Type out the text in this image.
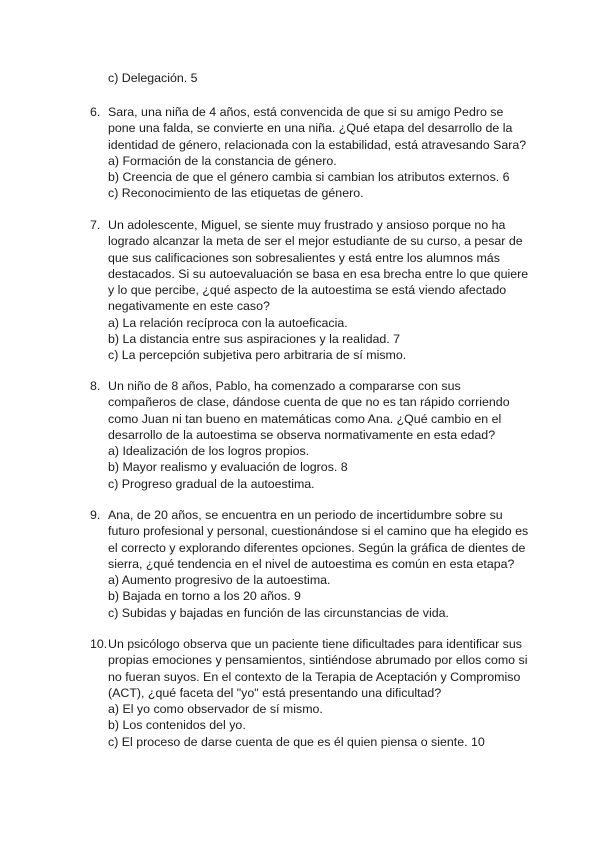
c) Delegación. 5
6. Sara, una niña de 4 años, está convencida de que si su amigo Pedro se pone una falda, se convierte en una niña. ¿Qué etapa del desarrollo de la identidad de género, relacionada con la estabilidad, está atravesando Sara?
a) Formación de la constancia de género.
b) Creencia de que el género cambia si cambian los atributos externos. 6
c) Reconocimiento de las etiquetas de género.
7. Un adolescente, Miguel, se siente muy frustrado y ansioso porque no ha logrado alcanzar la meta de ser el mejor estudiante de su curso, a pesar de que sus calificaciones son sobresalientes y está entre los alumnos más destacados. Si su autoevaluación se basa en esa brecha entre lo que quiere y lo que percibe, ¿qué aspecto de la autoestima se está viendo afectado negativamente en este caso?
a) La relación recíproca con la autoeficacia.
b) La distancia entre sus aspiraciones y la realidad. 7
c) La percepción subjetiva pero arbitraria de sí mismo.
8. Un niño de 8 años, Pablo, ha comenzado a compararse con sus compañeros de clase, dándose cuenta de que no es tan rápido corriendo como Juan ni tan bueno en matemáticas como Ana. ¿Qué cambio en el desarrollo de la autoestima se observa normativamente en esta edad?
a) Idealización de los logros propios.
b) Mayor realismo y evaluación de logros. 8
c) Progreso gradual de la autoestima.
9. Ana, de 20 años, se encuentra en un periodo de incertidumbre sobre su futuro profesional y personal, cuestionándose si el camino que ha elegido es el correcto y explorando diferentes opciones. Según la gráfica de dientes de sierra, ¿qué tendencia en el nivel de autoestima es común en esta etapa?
a) Aumento progresivo de la autoestima.
b) Bajada en torno a los 20 años. 9
c) Subidas y bajadas en función de las circunstancias de vida.
10. Un psicólogo observa que un paciente tiene dificultades para identificar sus propias emociones y pensamientos, sintiéndose abrumado por ellos como si no fueran suyos. En el contexto de la Terapia de Aceptación y Compromiso (ACT), ¿qué faceta del "yo" está presentando una dificultad?
a) El yo como observador de sí mismo.
b) Los contenidos del yo.
c) El proceso de darse cuenta de que es él quien piensa o siente. 10
